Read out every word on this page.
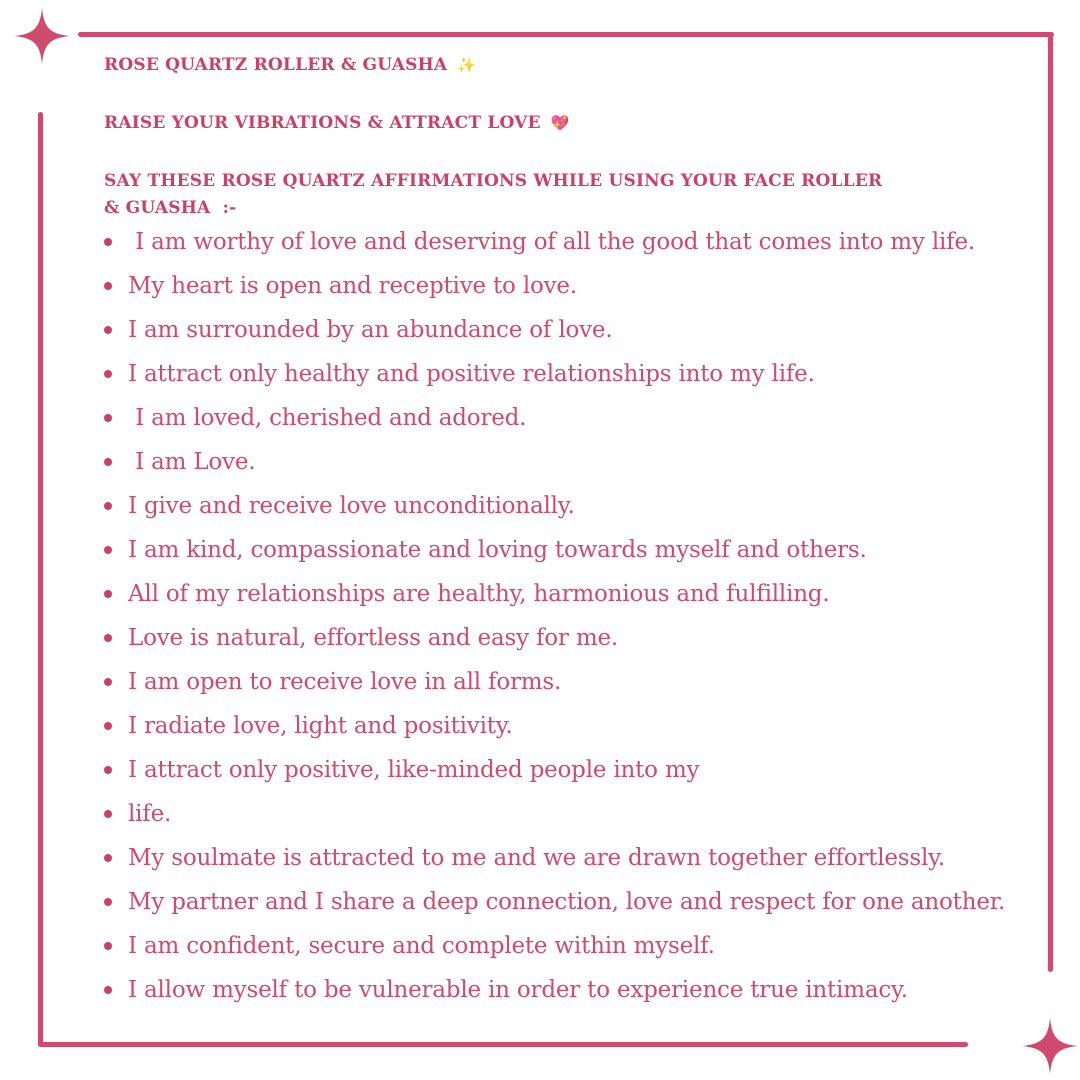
ROSE QUARTZ ROLLER & GUASHA ✨

RAISE YOUR VIBRATIONS & ATTRACT LOVE 💖

SAY THESE ROSE QUARTZ AFFIRMATIONS WHILE USING YOUR FACE ROLLER
& GUASHA  :-

I am worthy of love and deserving of all the good that comes into my life.
My heart is open and receptive to love.
I am surrounded by an abundance of love.
I attract only healthy and positive relationships into my life.
I am loved, cherished and adored.
I am Love.
I give and receive love unconditionally.
I am kind, compassionate and loving towards myself and others.
All of my relationships are healthy, harmonious and fulfilling.
Love is natural, effortless and easy for me.
I am open to receive love in all forms.
I radiate love, light and positivity.
I attract only positive, like-minded people into my
life.
My soulmate is attracted to me and we are drawn together effortlessly.
My partner and I share a deep connection, love and respect for one another.
I am confident, secure and complete within myself.
I allow myself to be vulnerable in order to experience true intimacy.
